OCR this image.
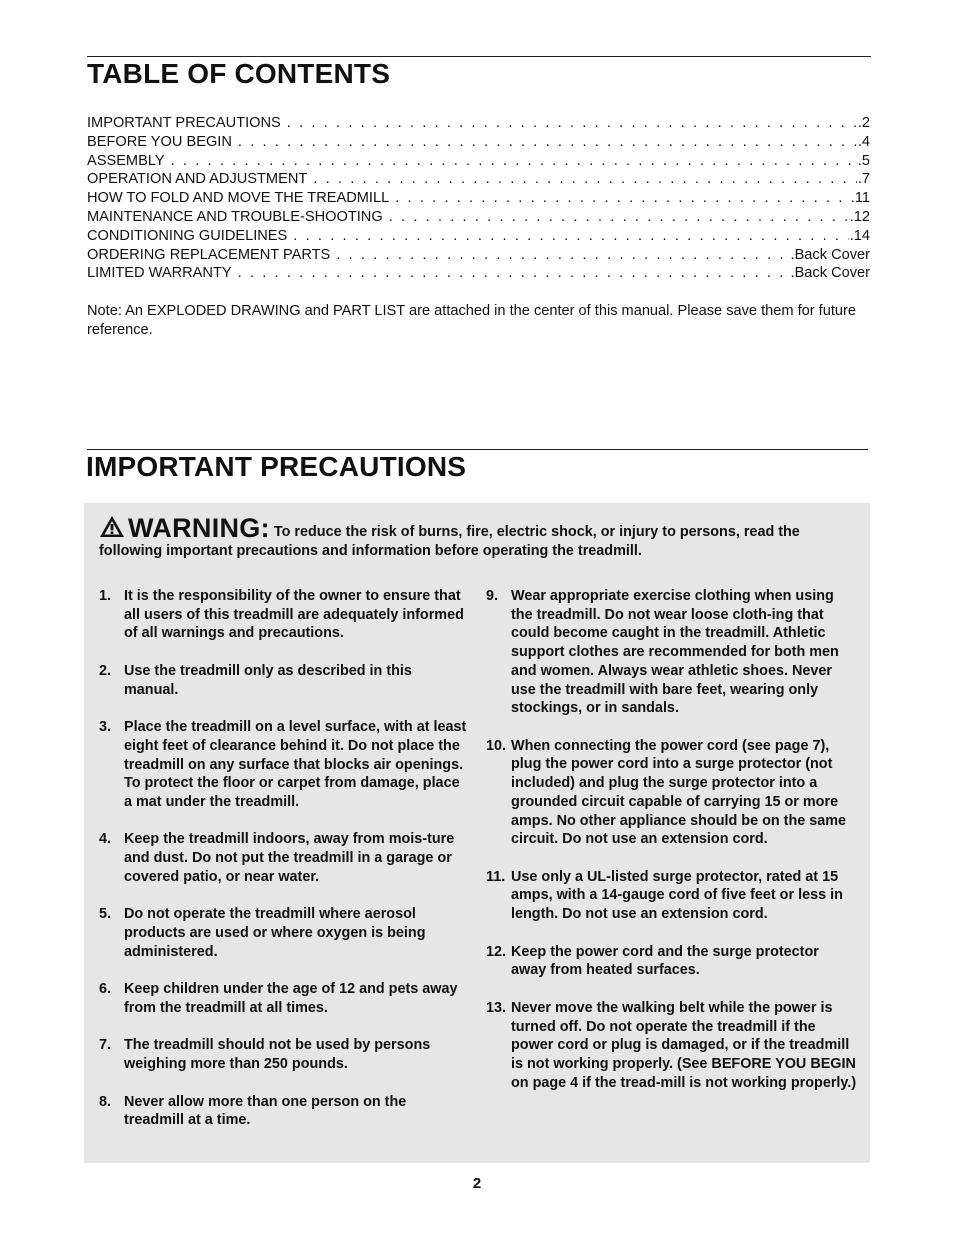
TABLE OF CONTENTS
IMPORTANT PRECAUTIONS . . .	.2
BEFORE YOU BEGIN . . .	.4
ASSEMBLY . . .	.5
OPERATION AND ADJUSTMENT . . .	.7
HOW TO FOLD AND MOVE THE TREADMILL . . .	.11
MAINTENANCE AND TROUBLE-SHOOTING . . .	.12
CONDITIONING GUIDELINES . . .	.14
ORDERING REPLACEMENT PARTS . . .	.Back Cover
LIMITED WARRANTY . . .	.Back Cover

Note: An EXPLODED DRAWING and PART LIST are attached in the center of this manual. Please save them for future reference.

IMPORTANT PRECAUTIONS
WARNING: To reduce the risk of burns, fire, electric shock, or injury to persons, read the following important precautions and information before operating the treadmill.
1. It is the responsibility of the owner to ensure that all users of this treadmill are adequately informed of all warnings and precautions.
2. Use the treadmill only as described in this manual.
3. Place the treadmill on a level surface, with at least eight feet of clearance behind it. Do not place the treadmill on any surface that blocks air openings. To protect the floor or carpet from damage, place a mat under the treadmill.
4. Keep the treadmill indoors, away from mois-ture and dust. Do not put the treadmill in a garage or covered patio, or near water.
5. Do not operate the treadmill where aerosol products are used or where oxygen is being administered.
6. Keep children under the age of 12 and pets away from the treadmill at all times.
7. The treadmill should not be used by persons weighing more than 250 pounds.
8. Never allow more than one person on the treadmill at a time.
9. Wear appropriate exercise clothing when using the treadmill. Do not wear loose cloth-ing that could become caught in the treadmill. Athletic support clothes are recommended for both men and women. Always wear athletic shoes. Never use the treadmill with bare feet, wearing only stockings, or in sandals.
10. When connecting the power cord (see page 7), plug the power cord into a surge protector (not included) and plug the surge protector into a grounded circuit capable of carrying 15 or more amps. No other appliance should be on the same circuit. Do not use an extension cord.
11. Use only a UL-listed surge protector, rated at 15 amps, with a 14-gauge cord of five feet or less in length. Do not use an extension cord.
12. Keep the power cord and the surge protector away from heated surfaces.
13. Never move the walking belt while the power is turned off. Do not operate the treadmill if the power cord or plug is damaged, or if the treadmill is not working properly. (See BEFORE YOU BEGIN on page 4 if the tread-mill is not working properly.)
2
